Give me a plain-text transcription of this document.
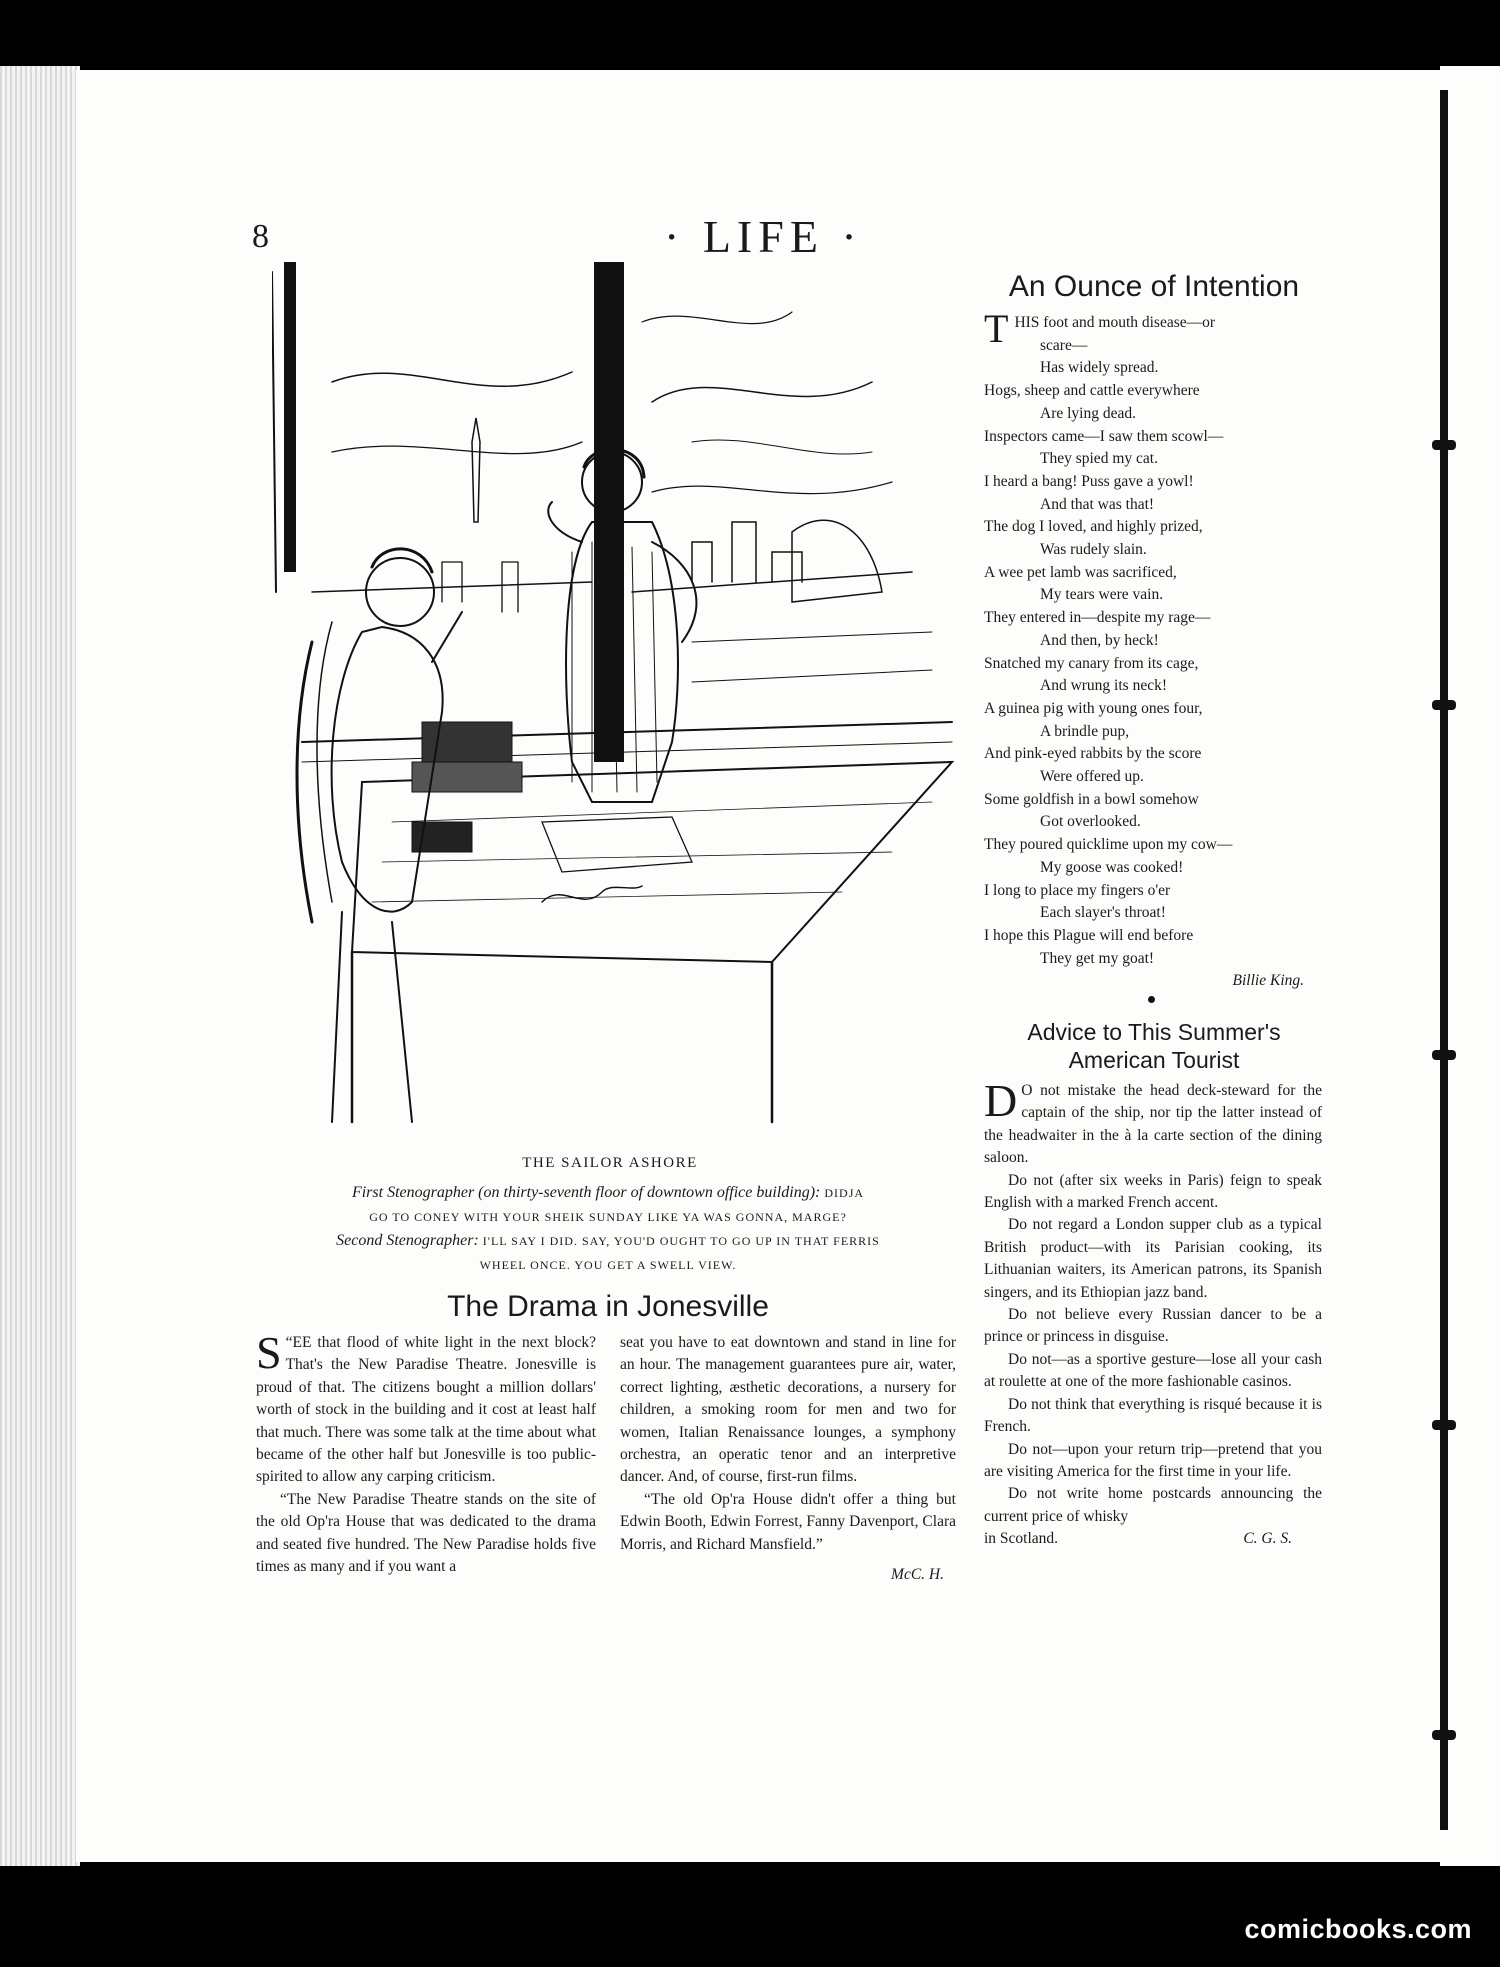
8	· LIFE ·
THE SAILOR ASHORE
First Stenographer (on thirty-seventh floor of downtown office building): DIDJA
GO TO CONEY WITH YOUR SHEIK SUNDAY LIKE YA WAS GONNA, MARGE?
Second Stenographer: I'LL SAY I DID. SAY, YOU'D OUGHT TO GO UP IN THAT FERRIS
WHEEL ONCE. YOU GET A SWELL VIEW.
The Drama in Jonesville

“
S EE that flood of white light in the next block? That's the New Paradise Theatre. Jonesville is proud of that. The citizens bought a million dollars' worth of stock in the building and it cost at least half that much. There was some talk at the time about what became of the other half but Jonesville is too public-spirited to allow any carping criticism.

“The New Paradise Theatre stands on the site of the old Op'ra House that was dedicated to the drama and seated five hundred. The New Paradise holds five times as many and if you want a

seat you have to eat downtown and stand in line for an hour. The management guarantees pure air, water, correct lighting, æsthetic decorations, a nursery for children, a smoking room for men and two for women, Italian Renaissance lounges, a symphony orchestra, an operatic tenor and an interpretive dancer. And, of course, first-run films.

“The old Op'ra House didn't offer a thing but Edwin Booth, Edwin Forrest, Fanny Davenport, Clara Morris, and Richard Mansfield.”

McC. H.

An Ounce of Intention
THIS foot and mouth disease—or
scare—
Has widely spread.
Hogs, sheep and cattle everywhere
Are lying dead.
Inspectors came—I saw them scowl—
They spied my cat.
I heard a bang! Puss gave a yowl!
And that was that!
The dog I loved, and highly prized,
Was rudely slain.
A wee pet lamb was sacrificed,
My tears were vain.
They entered in—despite my rage—
And then, by heck!
Snatched my canary from its cage,
And wrung its neck!
A guinea pig with young ones four,
A brindle pup,
And pink-eyed rabbits by the score
Were offered up.
Some goldfish in a bowl somehow
Got overlooked.
They poured quicklime upon my cow—
My goose was cooked!
I long to place my fingers o'er
Each slayer's throat!
I hope this Plague will end before
They get my goat!
Billie King.
Advice to This Summer's
American Tourist

D O not mistake the head deck-steward for the captain of the ship, nor tip the latter instead of the headwaiter in the à la carte section of the dining saloon.

Do not (after six weeks in Paris) feign to speak English with a marked French accent.

Do not regard a London supper club as a typical British product—with its Parisian cooking, its Lithuanian waiters, its American patrons, its Spanish singers, and its Ethiopian jazz band.

Do not believe every Russian dancer to be a prince or princess in disguise.

Do not—as a sportive gesture—lose all your cash at roulette at one of the more fashionable casinos.

Do not think that everything is risqué because it is French.

Do not—upon your return trip—pretend that you are visiting America for the first time in your life.

Do not write home postcards announcing the current price of whisky

in Scotland.	C. G. S.
comicbooks.com
